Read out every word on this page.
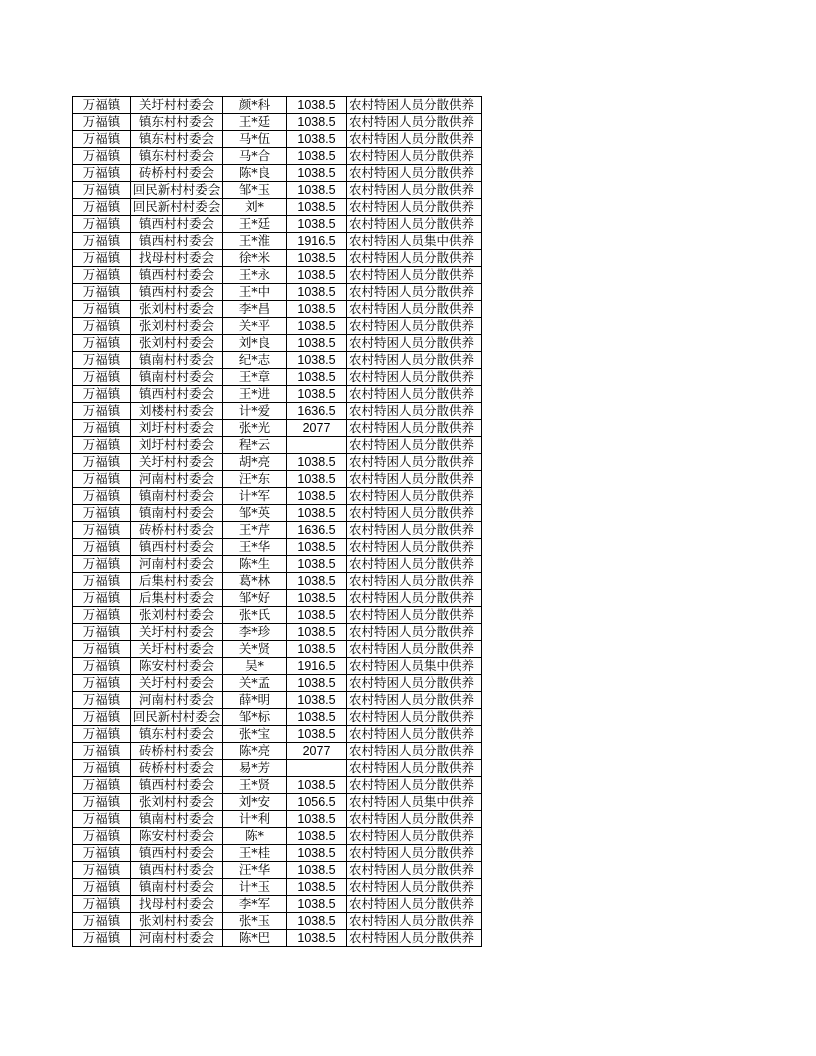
万福镇	关圩村村委会	颜*科	1038.5	农村特困人员分散供养
万福镇	镇东村村委会	王*廷	1038.5	农村特困人员分散供养
万福镇	镇东村村委会	马*伍	1038.5	农村特困人员分散供养
万福镇	镇东村村委会	马*合	1038.5	农村特困人员分散供养
万福镇	砖桥村村委会	陈*良	1038.5	农村特困人员分散供养
万福镇	回民新村村委会	邹*玉	1038.5	农村特困人员分散供养
万福镇	回民新村村委会	刘*	1038.5	农村特困人员分散供养
万福镇	镇西村村委会	王*廷	1038.5	农村特困人员分散供养
万福镇	镇西村村委会	王*淮	1916.5	农村特困人员集中供养
万福镇	找母村村委会	徐*米	1038.5	农村特困人员分散供养
万福镇	镇西村村委会	王*永	1038.5	农村特困人员分散供养
万福镇	镇西村村委会	王*中	1038.5	农村特困人员分散供养
万福镇	张刘村村委会	李*昌	1038.5	农村特困人员分散供养
万福镇	张刘村村委会	关*平	1038.5	农村特困人员分散供养
万福镇	张刘村村委会	刘*良	1038.5	农村特困人员分散供养
万福镇	镇南村村委会	纪*志	1038.5	农村特困人员分散供养
万福镇	镇南村村委会	王*章	1038.5	农村特困人员分散供养
万福镇	镇西村村委会	王*进	1038.5	农村特困人员分散供养
万福镇	刘楼村村委会	计*爱	1636.5	农村特困人员分散供养
万福镇	刘圩村村委会	张*光	2077	农村特困人员分散供养
万福镇	刘圩村村委会	程*云		农村特困人员分散供养
万福镇	关圩村村委会	胡*亮	1038.5	农村特困人员分散供养
万福镇	河南村村委会	汪*东	1038.5	农村特困人员分散供养
万福镇	镇南村村委会	计*军	1038.5	农村特困人员分散供养
万福镇	镇南村村委会	邹*英	1038.5	农村特困人员分散供养
万福镇	砖桥村村委会	王*芹	1636.5	农村特困人员分散供养
万福镇	镇西村村委会	王*华	1038.5	农村特困人员分散供养
万福镇	河南村村委会	陈*生	1038.5	农村特困人员分散供养
万福镇	后集村村委会	葛*林	1038.5	农村特困人员分散供养
万福镇	后集村村委会	邹*好	1038.5	农村特困人员分散供养
万福镇	张刘村村委会	张*氏	1038.5	农村特困人员分散供养
万福镇	关圩村村委会	李*珍	1038.5	农村特困人员分散供养
万福镇	关圩村村委会	关*贤	1038.5	农村特困人员分散供养
万福镇	陈安村村委会	吴*	1916.5	农村特困人员集中供养
万福镇	关圩村村委会	关*孟	1038.5	农村特困人员分散供养
万福镇	河南村村委会	薛*明	1038.5	农村特困人员分散供养
万福镇	回民新村村委会	邹*标	1038.5	农村特困人员分散供养
万福镇	镇东村村委会	张*宝	1038.5	农村特困人员分散供养
万福镇	砖桥村村委会	陈*亮	2077	农村特困人员分散供养
万福镇	砖桥村村委会	易*芳		农村特困人员分散供养
万福镇	镇西村村委会	王*贤	1038.5	农村特困人员分散供养
万福镇	张刘村村委会	刘*安	1056.5	农村特困人员集中供养
万福镇	镇南村村委会	计*利	1038.5	农村特困人员分散供养
万福镇	陈安村村委会	陈*	1038.5	农村特困人员分散供养
万福镇	镇西村村委会	王*桂	1038.5	农村特困人员分散供养
万福镇	镇西村村委会	汪*华	1038.5	农村特困人员分散供养
万福镇	镇南村村委会	计*玉	1038.5	农村特困人员分散供养
万福镇	找母村村委会	李*军	1038.5	农村特困人员分散供养
万福镇	张刘村村委会	张*玉	1038.5	农村特困人员分散供养
万福镇	河南村村委会	陈*巴	1038.5	农村特困人员分散供养
